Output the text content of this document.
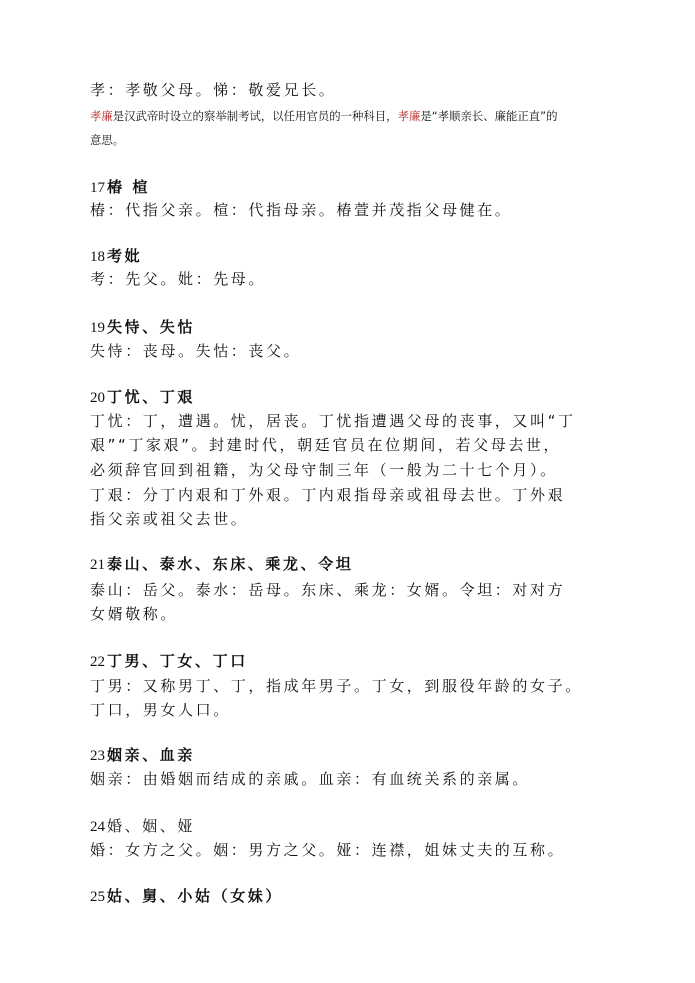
孝：孝敬父母。悌：敬爱兄长。
孝廉是汉武帝时设立的察举制考试，以任用官员的一种科目，孝廉是“孝顺亲长、廉能正直”的
意思。
17 椿 楦
椿：代指父亲。楦：代指母亲。椿萱并茂指父母健在。
18 考妣
考：先父。妣：先母。
19 失恃、失怙
失恃：丧母。失怙：丧父。
20 丁忧、丁艰
丁忧：丁，遭遇。忧，居丧。丁忧指遭遇父母的丧事，又叫“丁
艰”“丁家艰”。封建时代，朝廷官员在位期间，若父母去世，
必须辞官回到祖籍，为父母守制三年（一般为二十七个月）。
丁艰：分丁内艰和丁外艰。丁内艰指母亲或祖母去世。丁外艰
指父亲或祖父去世。
21 泰山、泰水、东床、乘龙、令坦
泰山：岳父。泰水：岳母。东床、乘龙：女婿。令坦：对对方
女婿敬称。
22 丁男、丁女、丁口
丁男：又称男丁、丁，指成年男子。丁女，到服役年龄的女子。
丁口，男女人口。
23 姻亲、血亲
姻亲：由婚姻而结成的亲戚。血亲：有血统关系的亲属。
24 婚、姻、娅
婚：女方之父。姻：男方之父。娅：连襟，姐妹丈夫的互称。
25 姑、舅、小姑（女妹）
